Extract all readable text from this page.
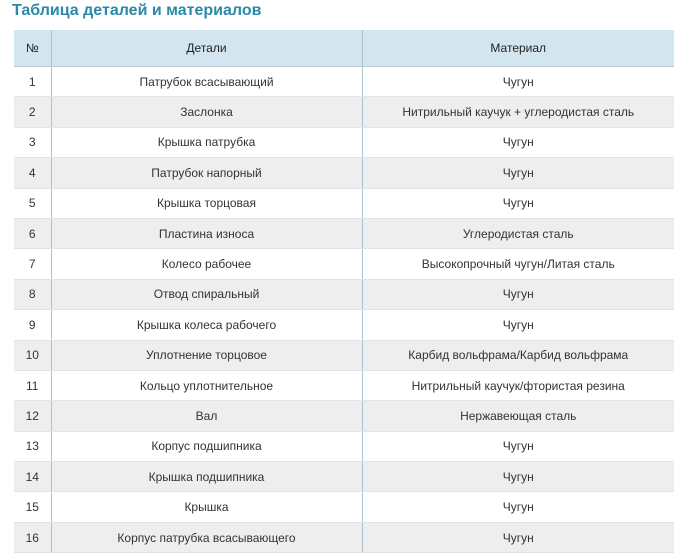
Таблица деталей и материалов
№	Детали	Материал
1	Патрубок всасывающий	Чугун
2	Заслонка	Нитрильный каучук + углеродистая сталь
3	Крышка патрубка	Чугун
4	Патрубок напорный	Чугун
5	Крышка торцовая	Чугун
6	Пластина износа	Углеродистая сталь
7	Колесо рабочее	Высокопрочный чугун/Литая сталь
8	Отвод спиральный	Чугун
9	Крышка колеса рабочего	Чугун
10	Уплотнение торцовое	Карбид вольфрама/Карбид вольфрама
11	Кольцо уплотнительное	Нитрильный каучук/фтористая резина
12	Вал	Нержавеющая сталь
13	Корпус подшипника	Чугун
14	Крышка подшипника	Чугун
15	Крышка	Чугун
16	Корпус патрубка всасывающего	Чугун
